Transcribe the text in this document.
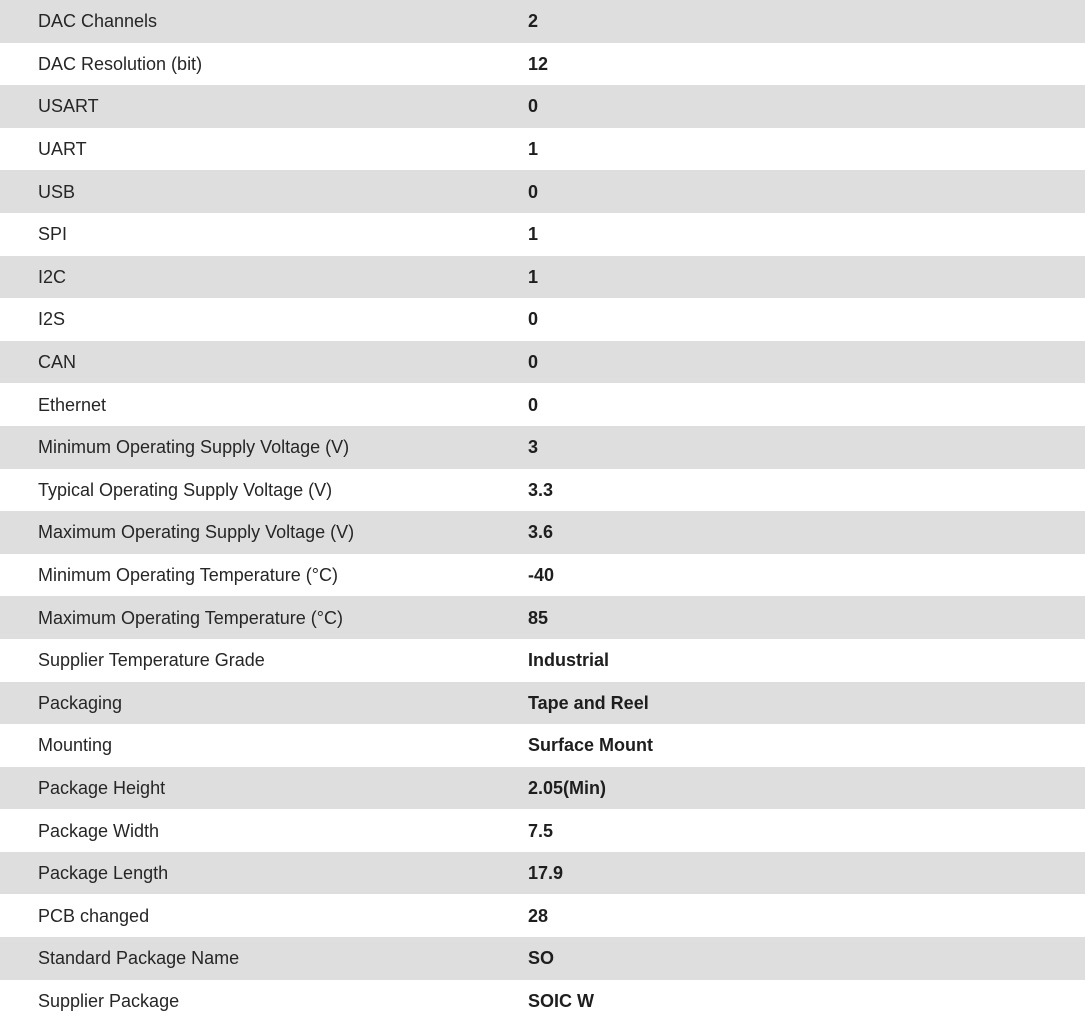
DAC Channels	2
DAC Resolution (bit)	12
USART	0
UART	1
USB	0
SPI	1
I2C	1
I2S	0
CAN	0
Ethernet	0
Minimum Operating Supply Voltage (V)	3
Typical Operating Supply Voltage (V)	3.3
Maximum Operating Supply Voltage (V)	3.6
Minimum Operating Temperature (°C)	-40
Maximum Operating Temperature (°C)	85
Supplier Temperature Grade	Industrial
Packaging	Tape and Reel
Mounting	Surface Mount
Package Height	2.05(Min)
Package Width	7.5
Package Length	17.9
PCB changed	28
Standard Package Name	SO
Supplier Package	SOIC W
